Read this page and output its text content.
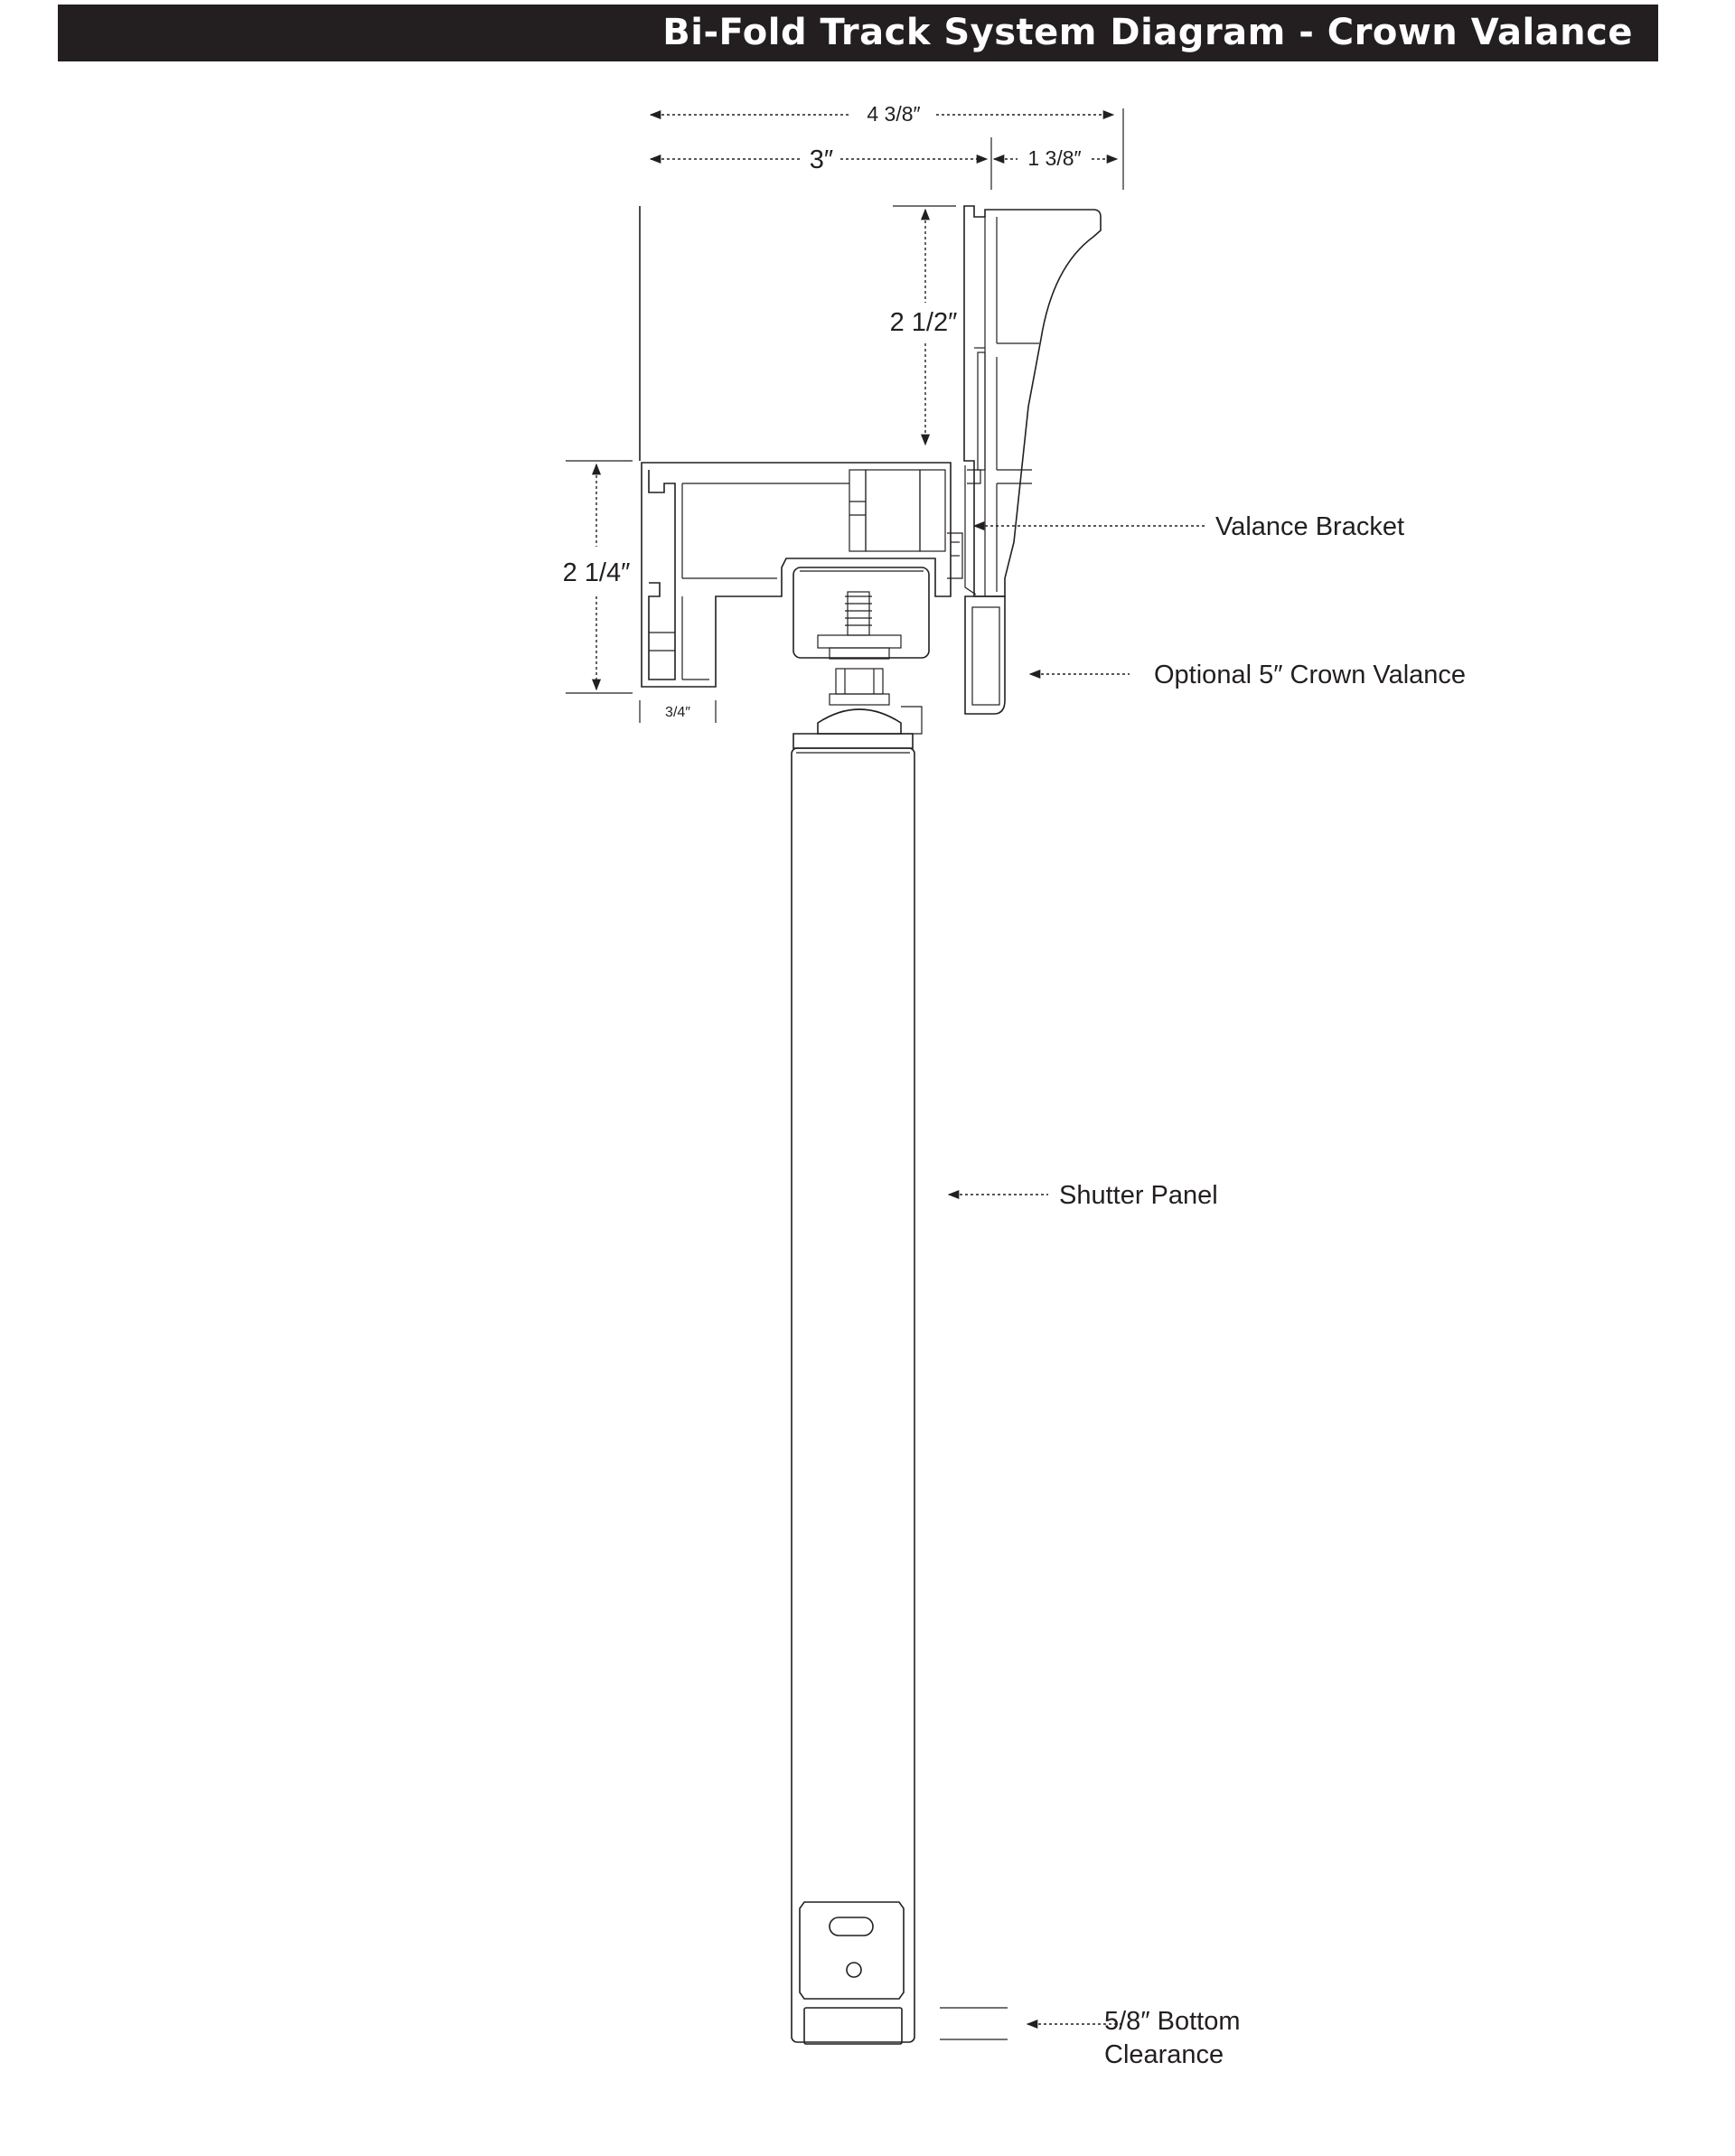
Bi-Fold Track System Diagram - Crown Valance
4 3/8″
3″	1 3/8″
2 1/2″
2 1/4″
3/4″
Valance Bracket
Optional 5″ Crown Valance
Shutter Panel
5/8″ Bottom
Clearance
